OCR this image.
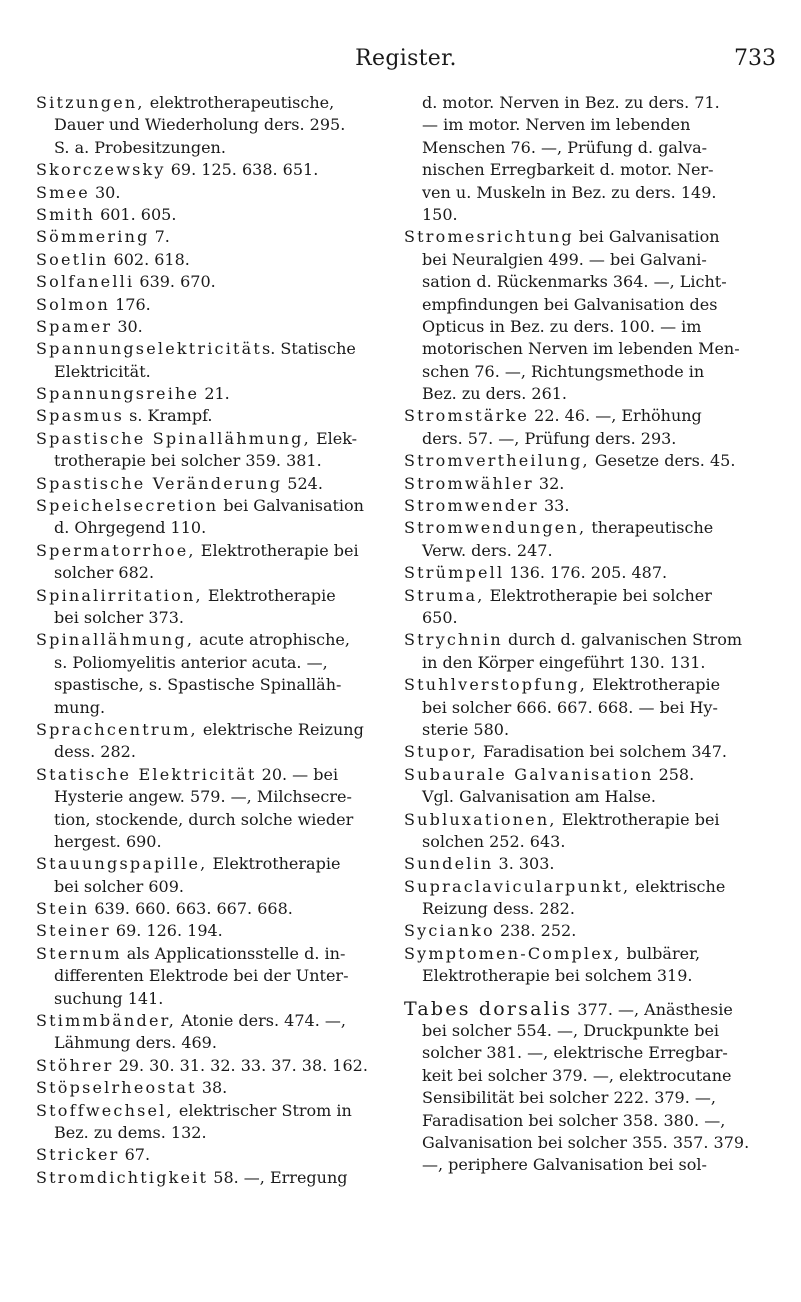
Register.	733
Sitzungen, elektrotherapeutische,
Dauer und Wiederholung ders. 295.
S. a. Probesitzungen.
Skorczewsky 69. 125. 638. 651.
Smee 30.
Smith 601. 605.
Sömmering 7.
Soetlin 602. 618.
Solfanelli 639. 670.
Solmon 176.
Spamer 30.
Spannungselektricitäts. Statische
Elektricität.
Spannungsreihe 21.
Spasmus s. Krampf.
Spastische Spinallähmung, Elek-
trotherapie bei solcher 359. 381.
Spastische Veränderung 524.
Speichelsecretion bei Galvanisation
d. Ohrgegend 110.
Spermatorrhoe, Elektrotherapie bei
solcher 682.
Spinalirritation, Elektrotherapie
bei solcher 373.
Spinallähmung, acute atrophische,
s. Poliomyelitis anterior acuta. —,
spastische, s. Spastische Spinalläh-
mung.
Sprachcentrum, elektrische Reizung
dess. 282.
Statische Elektricität 20. — bei
Hysterie angew. 579. —, Milchsecre-
tion, stockende, durch solche wieder
hergest. 690.
Stauungspapille, Elektrotherapie
bei solcher 609.
Stein 639. 660. 663. 667. 668.
Steiner 69. 126. 194.
Sternum als Applicationsstelle d. in-
differenten Elektrode bei der Unter-
suchung 141.
Stimmbänder, Atonie ders. 474. —,
Lähmung ders. 469.
Stöhrer 29. 30. 31. 32. 33. 37. 38. 162.
Stöpselrheostat 38.
Stoffwechsel, elektrischer Strom in
Bez. zu dems. 132.
Stricker 67.
Stromdichtigkeit 58. —, Erregung
d. motor. Nerven in Bez. zu ders. 71.
— im motor. Nerven im lebenden
Menschen 76. —, Prüfung d. galva-
nischen Erregbarkeit d. motor. Ner-
ven u. Muskeln in Bez. zu ders. 149.
150.
Stromesrichtung bei Galvanisation
bei Neuralgien 499. — bei Galvani-
sation d. Rückenmarks 364. —, Licht-
empfindungen bei Galvanisation des
Opticus in Bez. zu ders. 100. — im
motorischen Nerven im lebenden Men-
schen 76. —, Richtungsmethode in
Bez. zu ders. 261.
Stromstärke 22. 46. —, Erhöhung
ders. 57. —, Prüfung ders. 293.
Stromvertheilung, Gesetze ders. 45.
Stromwähler 32.
Stromwender 33.
Stromwendungen, therapeutische
Verw. ders. 247.
Strümpell 136. 176. 205. 487.
Struma, Elektrotherapie bei solcher
650.
Strychnin durch d. galvanischen Strom
in den Körper eingeführt 130. 131.
Stuhlverstopfung, Elektrotherapie
bei solcher 666. 667. 668. — bei Hy-
sterie 580.
Stupor, Faradisation bei solchem 347.
Subaurale Galvanisation 258.
Vgl. Galvanisation am Halse.
Subluxationen, Elektrotherapie bei
solchen 252. 643.
Sundelin 3. 303.
Supraclavicularpunkt, elektrische
Reizung dess. 282.
Sycianko 238. 252.
Symptomen-Complex, bulbärer,
Elektrotherapie bei solchem 319.
Tabes dorsalis 377. —, Anästhesie
bei solcher 554. —, Druckpunkte bei
solcher 381. —, elektrische Erregbar-
keit bei solcher 379. —, elektrocutane
Sensibilität bei solcher 222. 379. —,
Faradisation bei solcher 358. 380. —,
Galvanisation bei solcher 355. 357. 379.
—, periphere Galvanisation bei sol-
